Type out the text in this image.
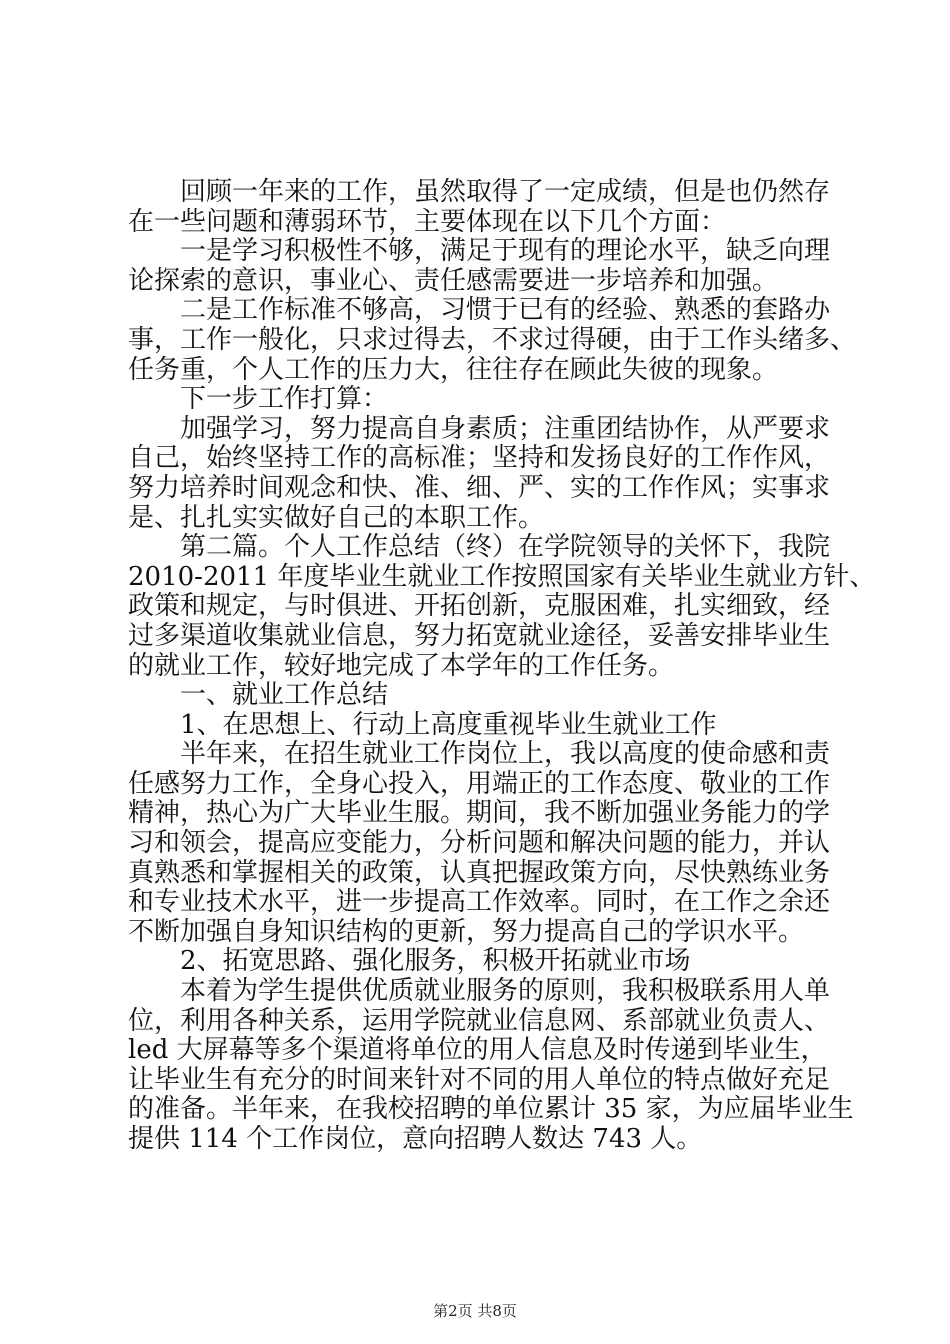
回顾一年来的工作，虽然取得了一定成绩，但是也仍然存
在一些问题和薄弱环节，主要体现在以下几个方面：
一是学习积极性不够，满足于现有的理论水平，缺乏向理
论探索的意识，事业心、责任感需要进一步培养和加强。
二是工作标准不够高，习惯于已有的经验、熟悉的套路办
事，工作一般化，只求过得去，不求过得硬，由于工作头绪多、
任务重，个人工作的压力大，往往存在顾此失彼的现象。
下一步工作打算：
加强学习，努力提高自身素质；注重团结协作，从严要求
自己，始终坚持工作的高标准；坚持和发扬良好的工作作风，
努力培养时间观念和快、准、细、严、实的工作作风；实事求
是、扎扎实实做好自己的本职工作。
第二篇。个人工作总结（终）在学院领导的关怀下，我院
2010-2011 年度毕业生就业工作按照国家有关毕业生就业方针、
政策和规定，与时俱进、开拓创新，克服困难，扎实细致，经
过多渠道收集就业信息，努力拓宽就业途径，妥善安排毕业生
的就业工作，较好地完成了本学年的工作任务。
一、就业工作总结
1、在思想上、行动上高度重视毕业生就业工作
半年来，在招生就业工作岗位上，我以高度的使命感和责
任感努力工作，全身心投入，用端正的工作态度、敬业的工作
精神，热心为广大毕业生服。期间，我不断加强业务能力的学
习和领会，提高应变能力，分析问题和解决问题的能力，并认
真熟悉和掌握相关的政策，认真把握政策方向，尽快熟练业务
和专业技术水平，进一步提高工作效率。同时，在工作之余还
不断加强自身知识结构的更新，努力提高自己的学识水平。
2、拓宽思路、强化服务，积极开拓就业市场
本着为学生提供优质就业服务的原则，我积极联系用人单
位，利用各种关系，运用学院就业信息网、系部就业负责人、
led 大屏幕等多个渠道将单位的用人信息及时传递到毕业生，
让毕业生有充分的时间来针对不同的用人单位的特点做好充足
的准备。半年来，在我校招聘的单位累计 35 家，为应届毕业生
提供 114 个工作岗位，意向招聘人数达 743 人。
第2页 共8页
